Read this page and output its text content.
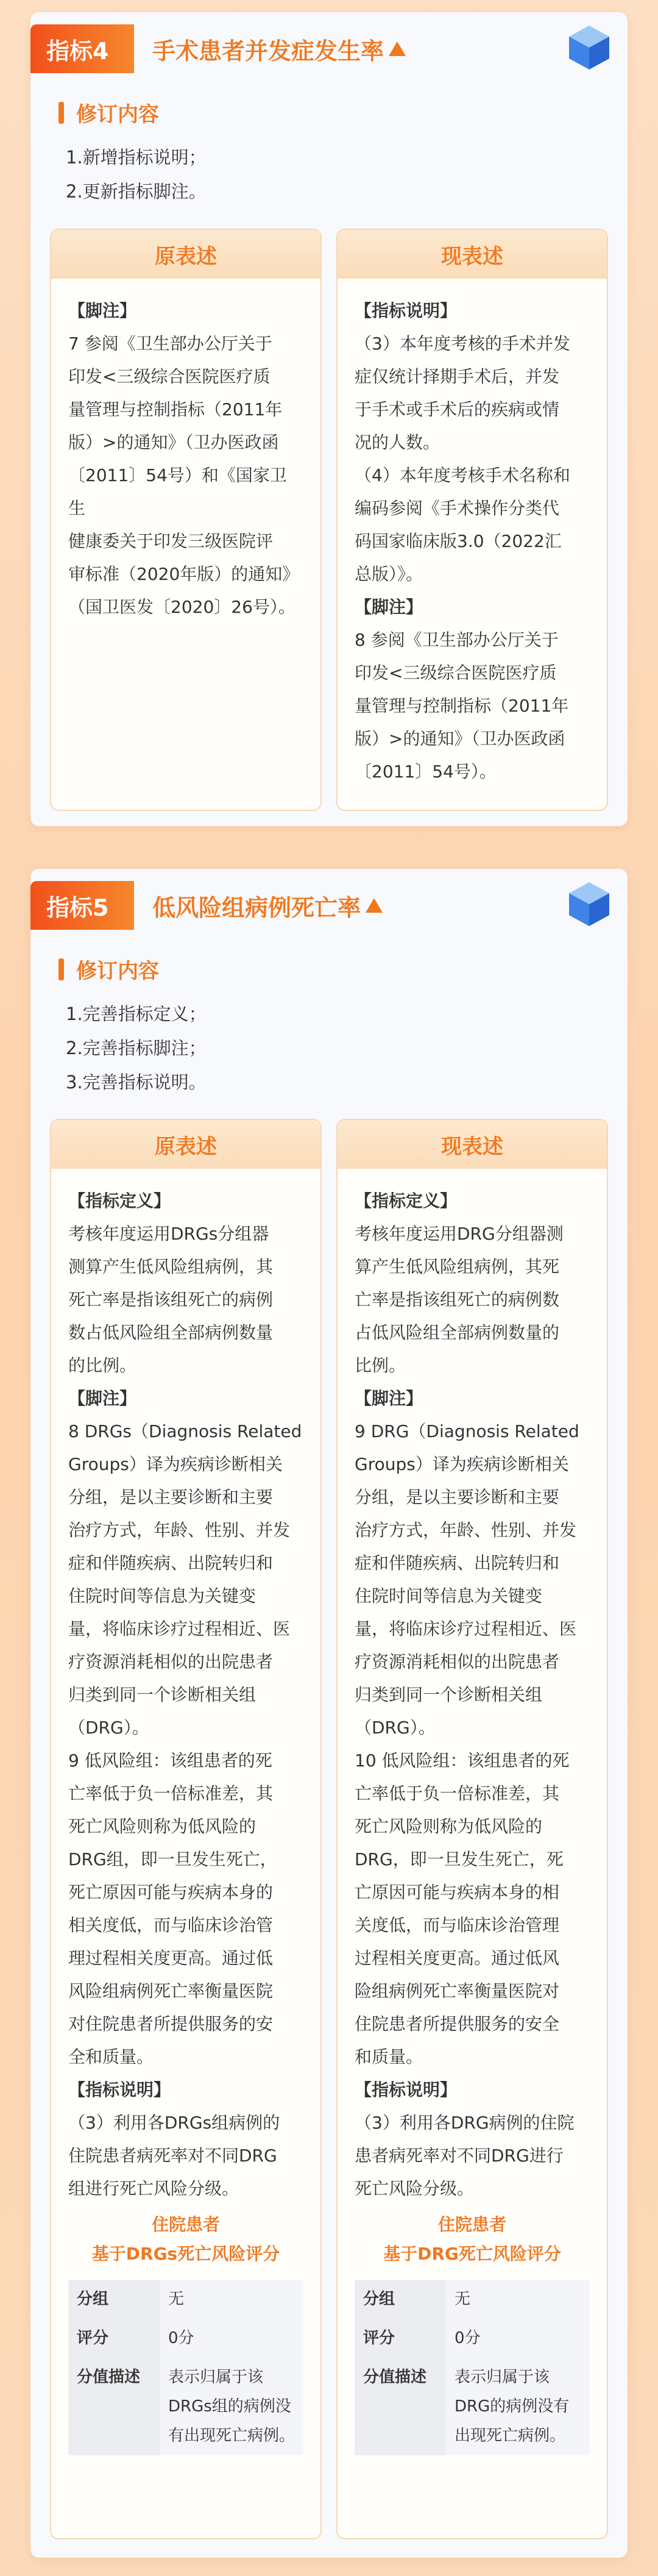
指标4	手术患者并发症发生率
修订内容
1.新增指标说明；
2.更新指标脚注。
原表述

【脚注】

7 参阅《卫生部办公厅关于

印发<三级综合医院医疗质

量管理与控制指标（2011年

版）>的通知》（卫办医政函

〔2011〕54号）和《国家卫生

健康委关于印发三级医院评

审标准（2020年版）的通知》

（国卫医发〔2020〕26号）。

现表述

【指标说明】

（3）本年度考核的手术并发

症仅统计择期手术后，并发

于手术或手术后的疾病或情

况的人数。

（4）本年度考核手术名称和

编码参阅《手术操作分类代

码国家临床版3.0（2022汇

总版）》。

【脚注】

8 参阅《卫生部办公厅关于

印发<三级综合医院医疗质

量管理与控制指标（2011年

版）>的通知》（卫办医政函

〔2011〕54号）。

指标5	低风险组病例死亡率
修订内容
1.完善指标定义；
2.完善指标脚注；
3.完善指标说明。
原表述

【指标定义】

考核年度运用DRGs分组器

测算产生低风险组病例，其

死亡率是指该组死亡的病例

数占低风险组全部病例数量

的比例。

【脚注】

8 DRGs（Diagnosis Related

Groups）译为疾病诊断相关

分组，是以主要诊断和主要

治疗方式，年龄、性别、并发

症和伴随疾病、出院转归和

住院时间等信息为关键变

量，将临床诊疗过程相近、医

疗资源消耗相似的出院患者

归类到同一个诊断相关组

（DRG）。

9 低风险组：该组患者的死

亡率低于负一倍标准差，其

死亡风险则称为低风险的

DRG组，即一旦发生死亡，

死亡原因可能与疾病本身的

相关度低，而与临床诊治管

理过程相关度更高。通过低

风险组病例死亡率衡量医院

对住院患者所提供服务的安

全和质量。

【指标说明】

（3）利用各DRGs组病例的

住院患者病死率对不同DRG

组进行死亡风险分级。

住院患者
基于DRGs死亡风险评分
分组	无
评分	0分
分值描述	表示归属于该DRGs组的病例没有出现死亡病例。
现表述

【指标定义】

考核年度运用DRG分组器测

算产生低风险组病例，其死

亡率是指该组死亡的病例数

占低风险组全部病例数量的

比例。

【脚注】

9 DRG（Diagnosis Related

Groups）译为疾病诊断相关

分组，是以主要诊断和主要

治疗方式，年龄、性别、并发

症和伴随疾病、出院转归和

住院时间等信息为关键变

量，将临床诊疗过程相近、医

疗资源消耗相似的出院患者

归类到同一个诊断相关组

（DRG）。

10 低风险组：该组患者的死

亡率低于负一倍标准差，其

死亡风险则称为低风险的

DRG，即一旦发生死亡，死

亡原因可能与疾病本身的相

关度低，而与临床诊治管理

过程相关度更高。通过低风

险组病例死亡率衡量医院对

住院患者所提供服务的安全

和质量。

【指标说明】

（3）利用各DRG病例的住院

患者病死率对不同DRG进行

死亡风险分级。

住院患者
基于DRG死亡风险评分
分组	无
评分	0分
分值描述	表示归属于该DRG的病例没有出现死亡病例。
